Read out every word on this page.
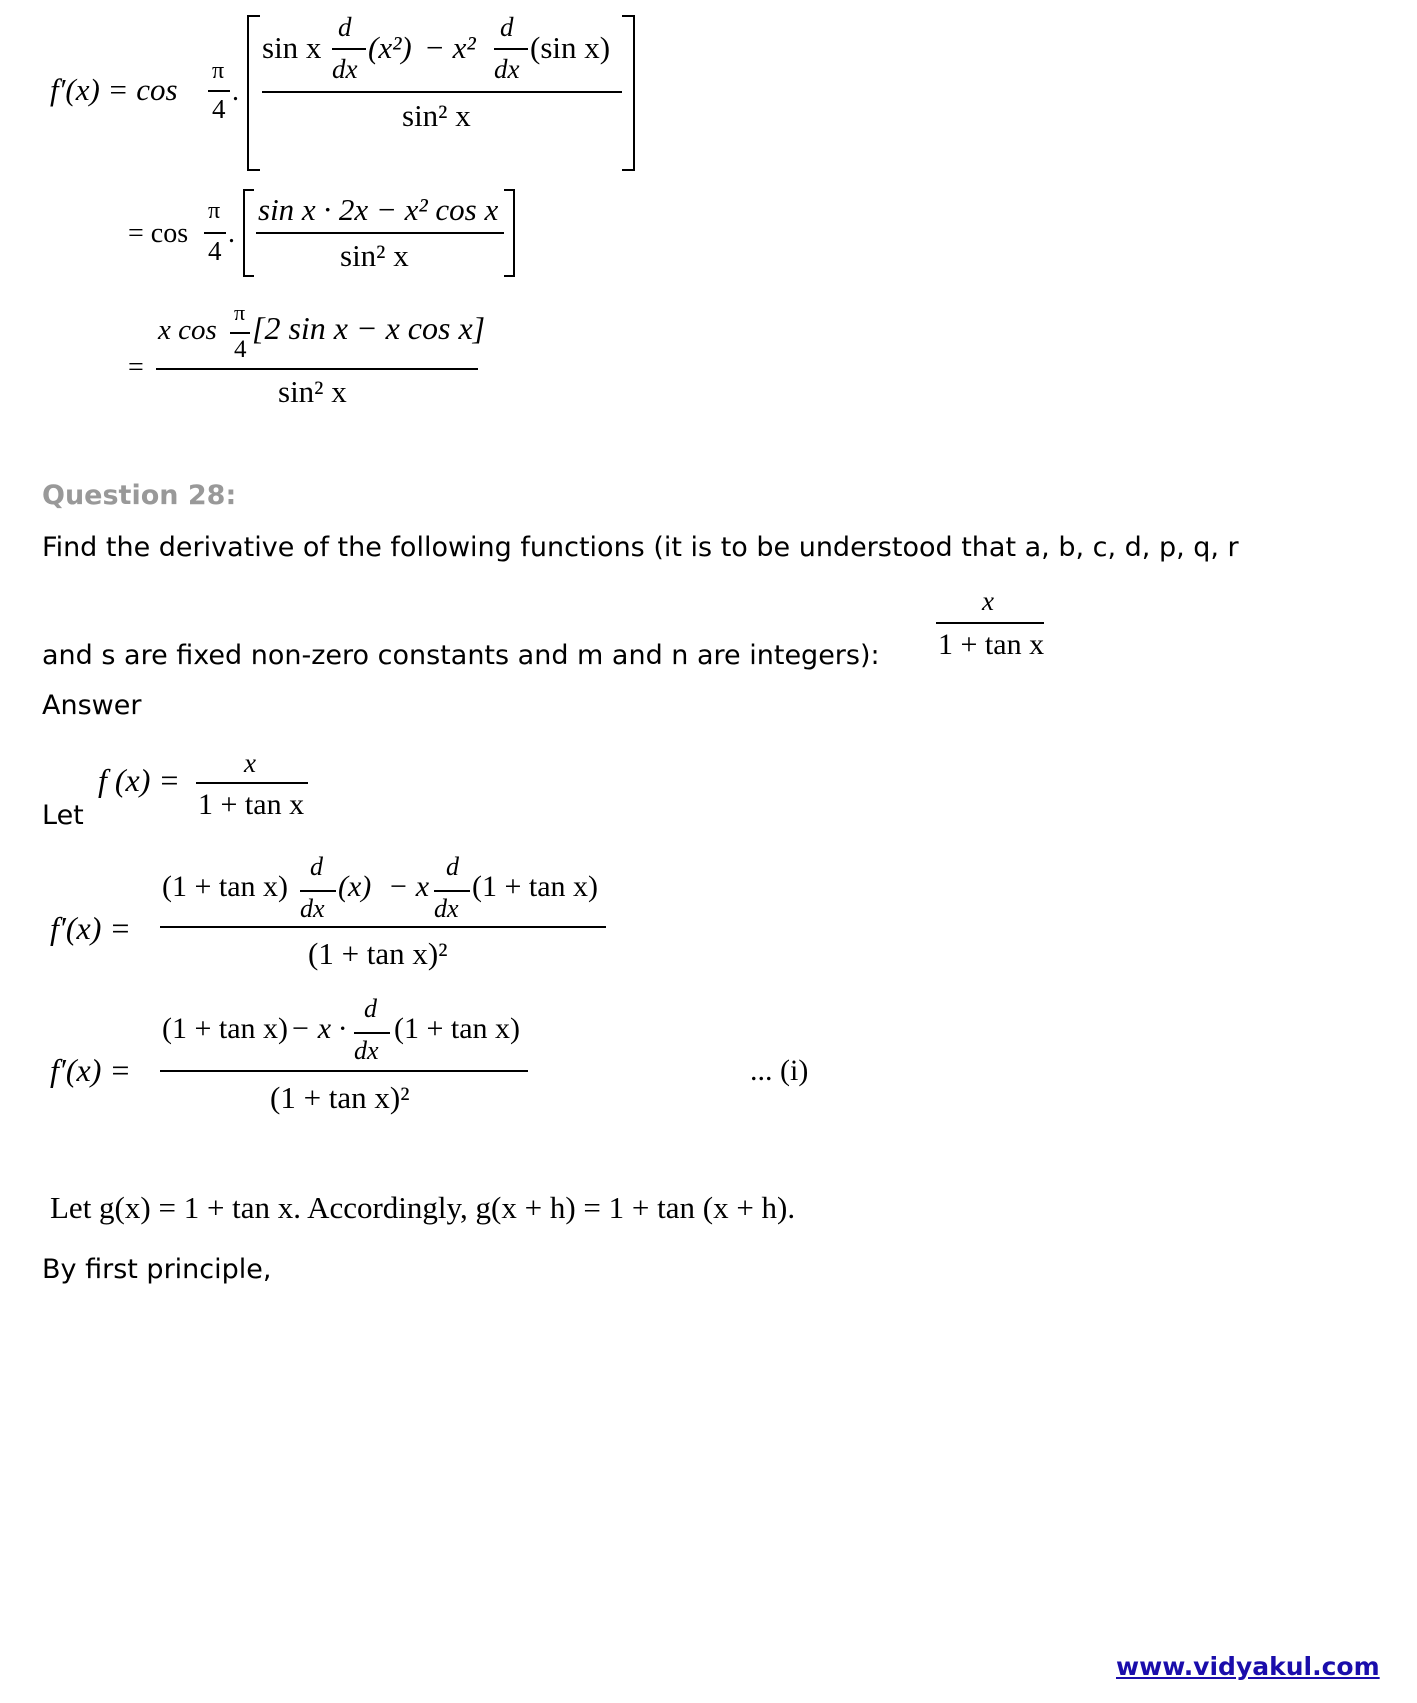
f′(x) = cos
π
4
.
sin x
d
dx
(x²) − x²
d
dx
(sin x)
sin² x
= cos
π
4
.
sin x · 2x − x² cos x
sin² x
=
x cos
π
4
[2 sin x − x cos x]
sin² x
Question 28:
Find the derivative of the following functions (it is to be understood that a, b, c, d, p, q, r
and s are fixed non-zero constants and m and n are integers):
x
1 + tan x
Answer
Let
f (x) = x
1 + tan x
f′(x) =
(1 + tan x)
d
dx
(x) − x
d
dx
(1 + tan x)
(1 + tan x)²
f′(x) =
(1 + tan x) − x ·
d
dx
(1 + tan x)
(1 + tan x)²
... (i)
Let g(x) = 1 + tan x. Accordingly, g(x + h) = 1 + tan (x + h).
By first principle,
www.vidyakul.com
